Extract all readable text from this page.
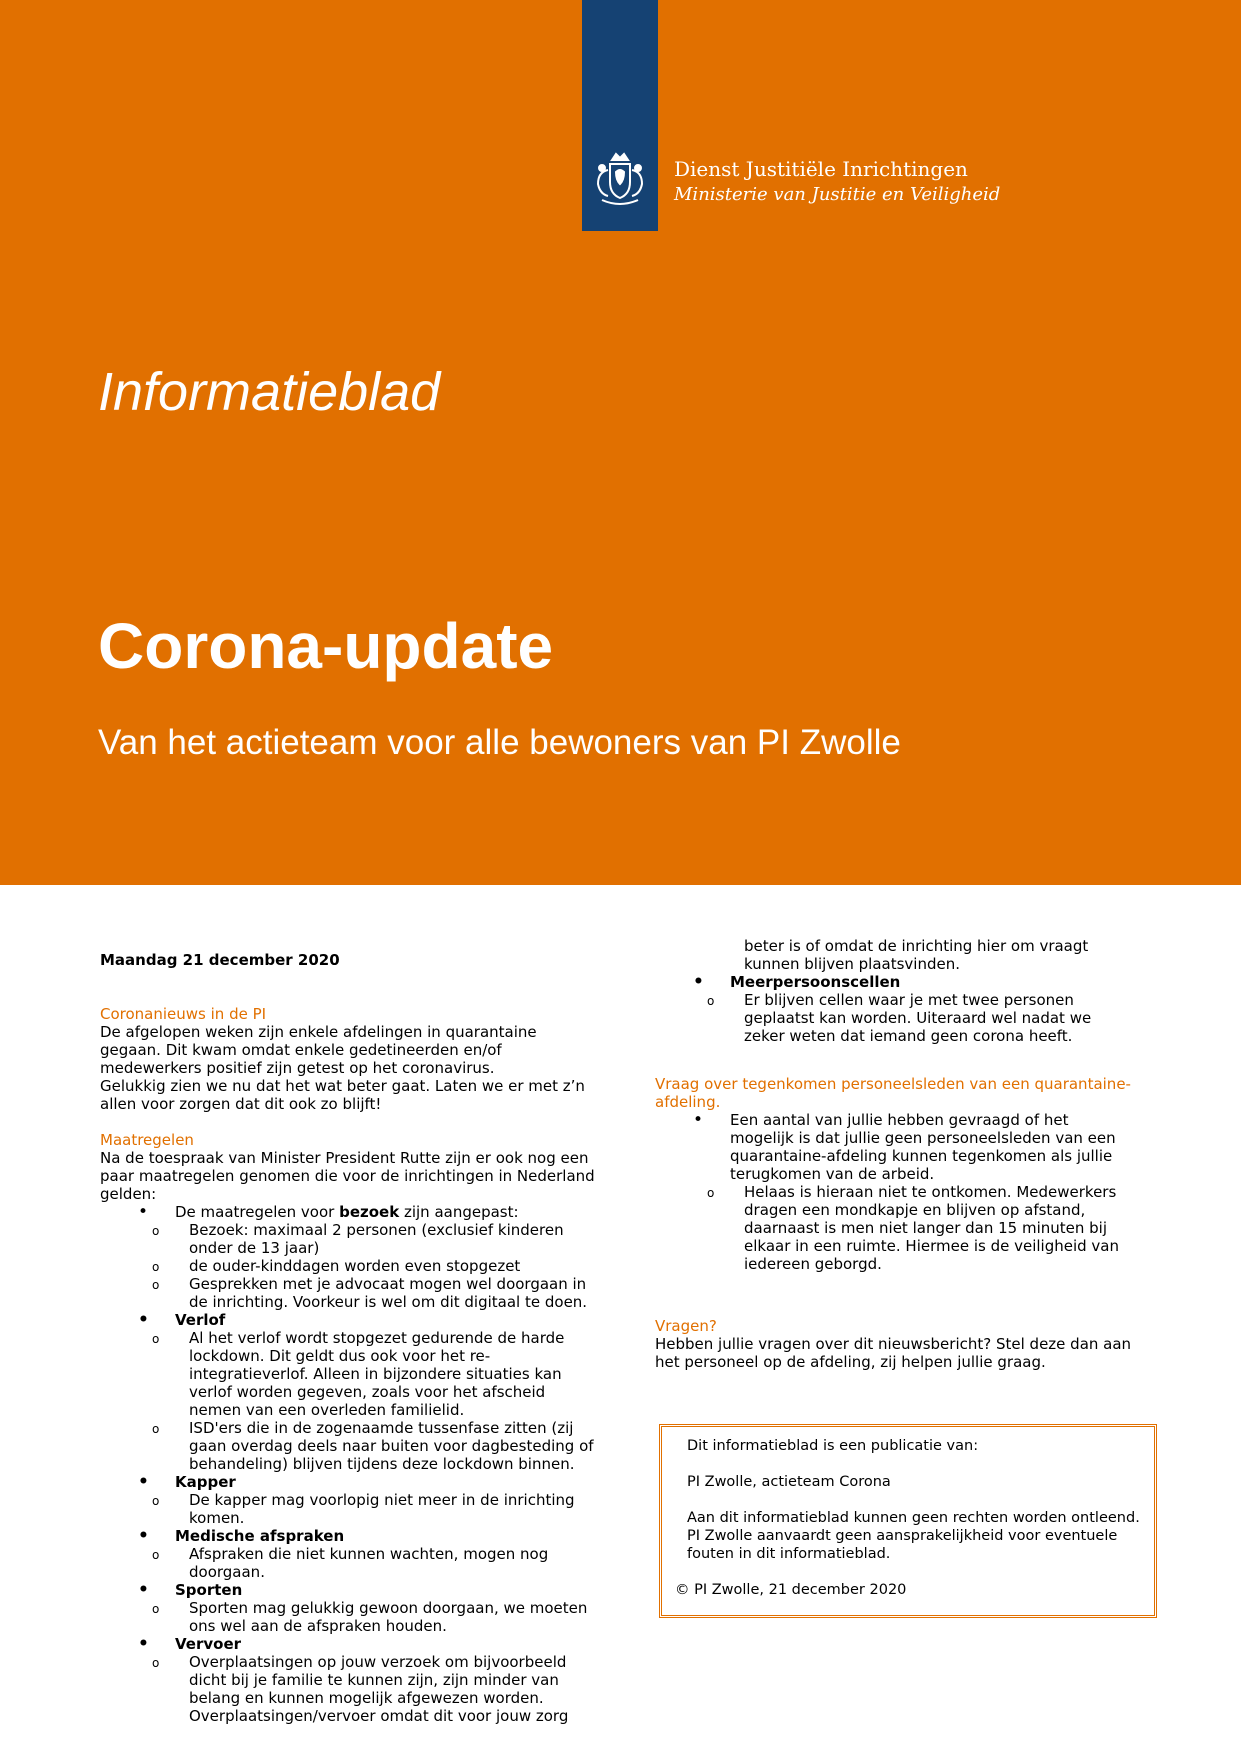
Dienst Justitiële Inrichtingen
Ministerie van Justitie en Veiligheid
Informatieblad
Corona-update
Van het actieteam voor alle bewoners van PI Zwolle

Maandag 21 december 2020

Coronanieuws in de PI

De afgelopen weken zijn enkele afdelingen in quarantaine gegaan. Dit kwam omdat enkele gedetineerden en/of medewerkers positief zijn getest op het coronavirus.

Gelukkig zien we nu dat het wat beter gaat. Laten we er met z’n allen voor zorgen dat dit ook zo blijft!

Maatregelen

Na de toespraak van Minister President Rutte zijn er ook nog een paar maatregelen genomen die voor de inrichtingen in Nederland gelden:

• De maatregelen voor bezoek zijn aangepast:
o Bezoek: maximaal 2 personen (exclusief kinderen onder de 13 jaar)
o de ouder-kinddagen worden even stopgezet
o Gesprekken met je advocaat mogen wel doorgaan in de inrichting. Voorkeur is wel om dit digitaal te doen.
• Verlof
o Al het verlof wordt stopgezet gedurende de harde lockdown. Dit geldt dus ook voor het re-integratieverlof. Alleen in bijzondere situaties kan verlof worden gegeven, zoals voor het afscheid nemen van een overleden familielid.
o ISD'ers die in de zogenaamde tussenfase zitten (zij gaan overdag deels naar buiten voor dagbesteding of behandeling) blijven tijdens deze lockdown binnen.
• Kapper
o De kapper mag voorlopig niet meer in de inrichting komen.
• Medische afspraken
o Afspraken die niet kunnen wachten, mogen nog doorgaan.
• Sporten
o Sporten mag gelukkig gewoon doorgaan, we moeten ons wel aan de afspraken houden.
• Vervoer
o Overplaatsingen op jouw verzoek om bijvoorbeeld dicht bij je familie te kunnen zijn, zijn minder van belang en kunnen mogelijk afgewezen worden. Overplaatsingen/vervoer omdat dit voor jouw zorg
beter is of omdat de inrichting hier om vraagt kunnen blijven plaatsvinden.
• Meerpersoonscellen
o Er blijven cellen waar je met twee personen geplaatst kan worden. Uiteraard wel nadat we zeker weten dat iemand geen corona heeft.

Vraag over tegenkomen personeelsleden van een quarantaine-afdeling.

• Een aantal van jullie hebben gevraagd of het mogelijk is dat jullie geen personeelsleden van een quarantaine-afdeling kunnen tegenkomen als jullie terugkomen van de arbeid.
o Helaas is hieraan niet te ontkomen. Medewerkers dragen een mondkapje en blijven op afstand, daarnaast is men niet langer dan 15 minuten bij elkaar in een ruimte. Hiermee is de veiligheid van iedereen geborgd.

Vragen?

Hebben jullie vragen over dit nieuwsbericht? Stel deze dan aan het personeel op de afdeling, zij helpen jullie graag.

Dit informatieblad is een publicatie van:

PI Zwolle, actieteam Corona

Aan dit informatieblad kunnen geen rechten worden ontleend. PI Zwolle aanvaardt geen aansprakelijkheid voor eventuele fouten in dit informatieblad.

© PI Zwolle, 21 december 2020
